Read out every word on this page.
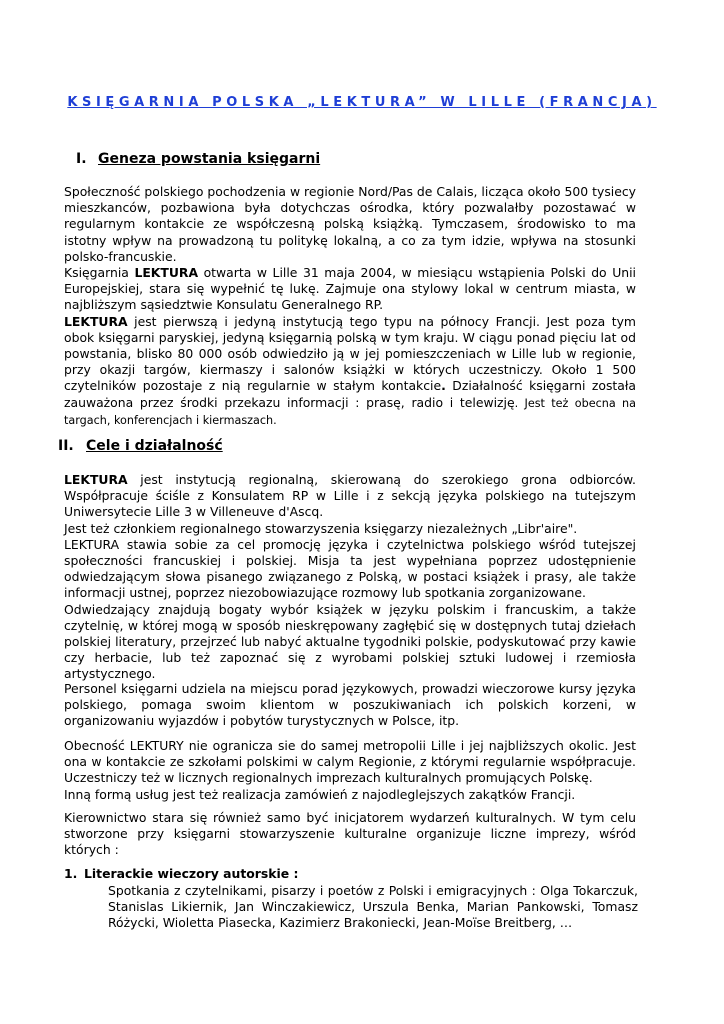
KSIĘGARNIA POLSKA „LEKTURA” W LILLE (FRANCJA)
I. Geneza powstania księgarni

Społeczność polskiego pochodzenia w regionie Nord/Pas de Calais, licząca około 500 tysiecy mieszkanców, pozbawiona była dotychczas ośrodka, który pozwalałby pozostawać w regularnym kontakcie ze współczesną polską książką. Tymczasem, środowisko to ma istotny wpływ na prowadzoną tu politykę lokalną, a co za tym idzie, wpływa na stosunki polsko-francuskie.

Księgarnia LEKTURA otwarta w Lille 31 maja 2004, w miesiącu wstąpienia Polski do Unii Europejskiej, stara się wypełnić tę lukę. Zajmuje ona stylowy lokal w centrum miasta, w najbliższym sąsiedztwie Konsulatu Generalnego RP.

LEKTURA jest pierwszą i jedyną instytucją tego typu na północy Francji. Jest poza tym obok księgarni paryskiej, jedyną księgarnią polską w tym kraju. W ciągu ponad pięciu lat od powstania, blisko 80 000 osób odwiedziło ją w jej pomieszczeniach w Lille lub w regionie, przy okazji targów, kiermaszy i salonów książki w których uczestniczy. Około 1 500 czytelników pozostaje z nią regularnie w stałym kontakcie. Działalność księgarni została zauważona przez środki przekazu informacji : prasę, radio i telewizję. Jest też obecna na targach, konferencjach i kiermaszach.

II. Cele i działalność

LEKTURA jest instytucją regionalną, skierowaną do szerokiego grona odbiorców. Współpracuje ściśle z Konsulatem RP w Lille i z sekcją języka polskiego na tutejszym Uniwersytecie Lille 3 w Villeneuve d'Ascq.

Jest też członkiem regionalnego stowarzyszenia księgarzy niezależnych „Libr'aire".

LEKTURA stawia sobie za cel promocję języka i czytelnictwa polskiego wśród tutejszej społeczności francuskiej i polskiej. Misja ta jest wypełniana poprzez udostępnienie odwiedzającym słowa pisanego związanego z Polską, w postaci książek i prasy, ale także informacji ustnej, poprzez niezobowiazujące rozmowy lub spotkania zorganizowane.

Odwiedzający znajdują bogaty wybór książek w języku polskim i francuskim, a także czytelnię, w której mogą w sposób nieskrępowany zagłębić się w dostępnych tutaj dziełach polskiej literatury, przejrzeć lub nabyć aktualne tygodniki polskie, podyskutować przy kawie czy herbacie, lub też zapoznać się z wyrobami polskiej sztuki ludowej i rzemiosła artystycznego.

Personel księgarni udziela na miejscu porad językowych, prowadzi wieczorowe kursy języka polskiego, pomaga swoim klientom w poszukiwaniach ich polskich korzeni, w organizowaniu wyjazdów i pobytów turystycznych w Polsce, itp.

Obecność LEKTURY nie ogranicza sie do samej metropolii Lille i jej najbliższych okolic. Jest ona w kontakcie ze szkołami polskimi w calym Regionie, z którymi regularnie współpracuje. Uczestniczy też w licznych regionalnych imprezach kulturalnych promujących Polskę.

Inną formą usług jest też realizacja zamówień z najodleglejszych zakątków Francji.

Kierownictwo stara się również samo być inicjatorem wydarzeń kulturalnych. W tym celu stworzone przy księgarni stowarzyszenie kulturalne organizuje liczne imprezy, wśród których :

1. Literackie wieczory autorskie :
Spotkania z czytelnikami, pisarzy i poetów z Polski i emigracyjnych : Olga Tokarczuk, Stanislas Likiernik, Jan Winczakiewicz, Urszula Benka, Marian Pankowski, Tomasz Różycki, Wioletta Piasecka, Kazimierz Brakoniecki, Jean-Moïse Breitberg, …
